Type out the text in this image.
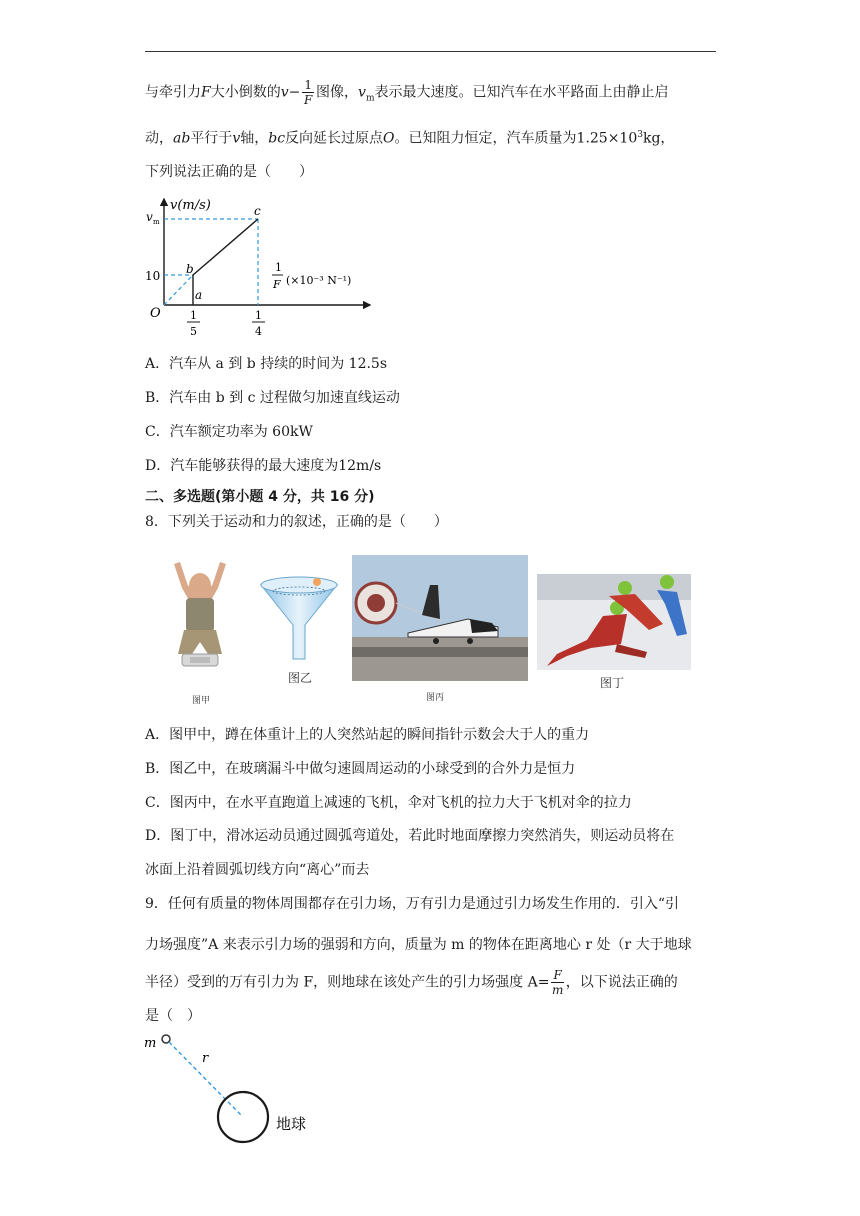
与牵引力F大小倒数的$v- \frac{1}{F}$ 图像，$v_m$表示最大速度。已知汽车在水平路面上由静止启
动，ab平行于v轴，bc反向延长过原点O。已知阻力恒定，汽车质量为$1.25\times 10^3kg$，
下列说法正确的是（　　）
v(m/s)
v m
10
O
a
b
c
1
5
1
4
1
F (×10⁻³ N⁻¹)
A．汽车从 a 到 b 持续的时间为 12.5s
B．汽车由 b 到 c 过程做匀加速直线运动
C．汽车额定功率为 60kW
D．汽车能够获得的最大速度为12m/s
二、多选题(第小题 4 分，共 16 分)
8．下列关于运动和力的叙述，正确的是（　　）
图甲
图乙
图丙
图丁
A．图甲中，蹲在体重计上的人突然站起的瞬间指针示数会大于人的重力
B．图乙中，在玻璃漏斗中做匀速圆周运动的小球受到的合外力是恒力
C．图丙中，在水平直跑道上减速的飞机，伞对飞机的拉力大于飞机对伞的拉力
D．图丁中，滑冰运动员通过圆弧弯道处，若此时地面摩擦力突然消失，则运动员将在
冰面上沿着圆弧切线方向“离心”而去
9．任何有质量的物体周围都存在引力场，万有引力是通过引力场发生作用的．引入“引
力场强度”A 来表示引力场的强弱和方向，质量为 m 的物体在距离地心 r 处（r 大于地球
半径）受到的万有引力为 F，则地球在该处产生的引力场强度 $A= \frac{F}{m}$ ，以下说法正确的
是（　）
m
r
地球
